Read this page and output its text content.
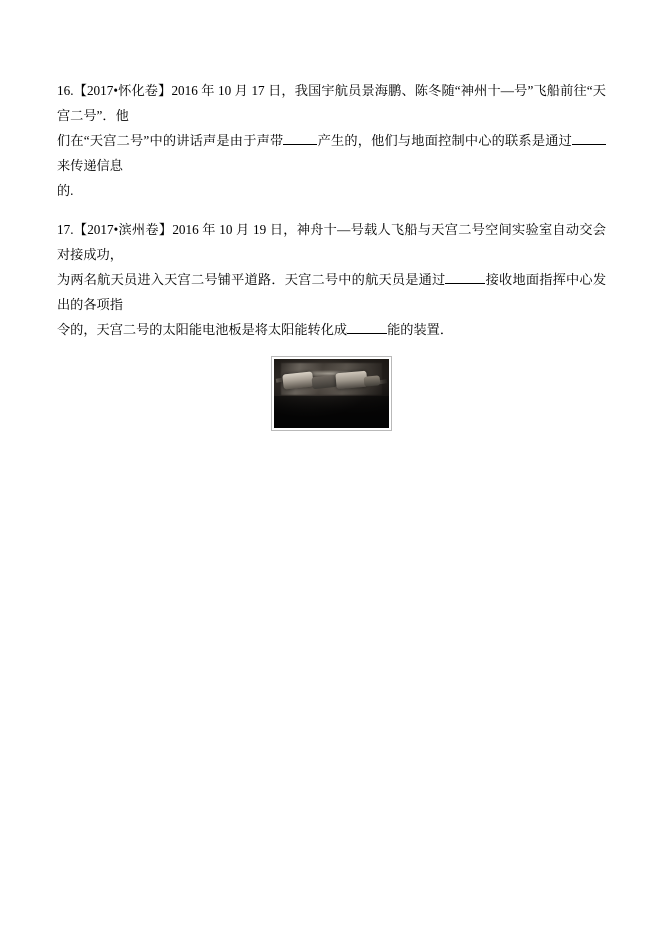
16.【2017•怀化卷】2016 年 10 月 17 日，我国宇航员景海鹏、陈冬随“神州十—号”飞船前往“天宫二号”．他
们在“天宫二号”中的讲话声是由于声带	产生的，他们与地面控制中心的联系是通过来传递信息
的.
17.【2017•滨州卷】2016 年 10 月 19 日，神舟十—号载人飞船与天宫二号空间实验室自动交会对接成功，
为两名航天员进入天宫二号铺平道路．天宫二号中的航天员是通过	接收地面指挥中心发出的各项指
令的，天宫二号的太阳能电池板是将太阳能转化成	能的装置．
